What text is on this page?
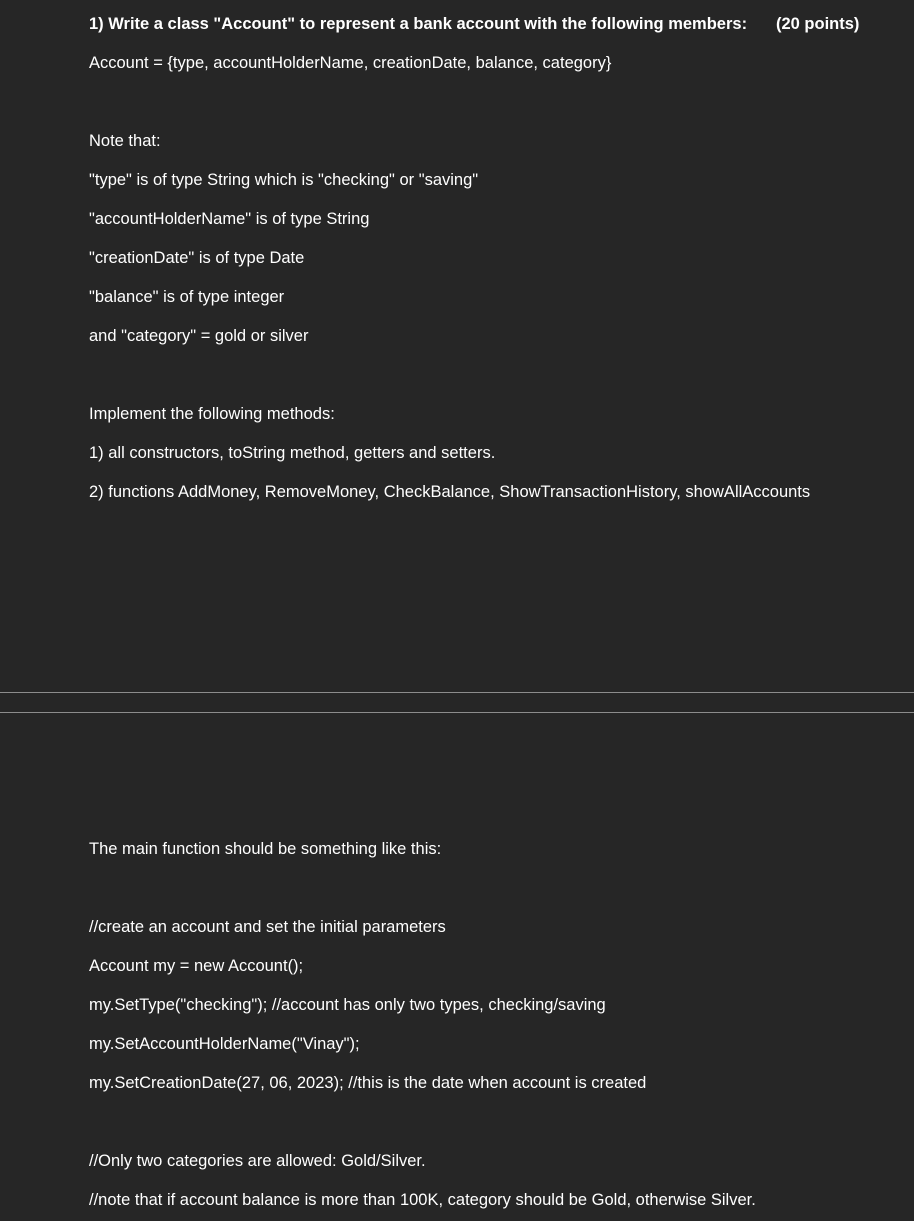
1) Write a class "Account" to represent a bank account with the following members: (20 points)
Account = {type, accountHolderName, creationDate, balance, category}
Note that:
"type" is of type String which is "checking" or "saving"
"accountHolderName" is of type String
"creationDate" is of type Date
"balance" is of type integer
and "category" = gold or silver
Implement the following methods:
1) all constructors, toString method, getters and setters.
2) functions AddMoney, RemoveMoney, CheckBalance, ShowTransactionHistory, showAllAccounts
The main function should be something like this:
//create an account and set the initial parameters
Account my = new Account();
my.SetType("checking"); //account has only two types, checking/saving
my.SetAccountHolderName("Vinay");
my.SetCreationDate(27, 06, 2023); //this is the date when account is created
//Only two categories are allowed: Gold/Silver.
//note that if account balance is more than 100K, category should be Gold, otherwise Silver.
